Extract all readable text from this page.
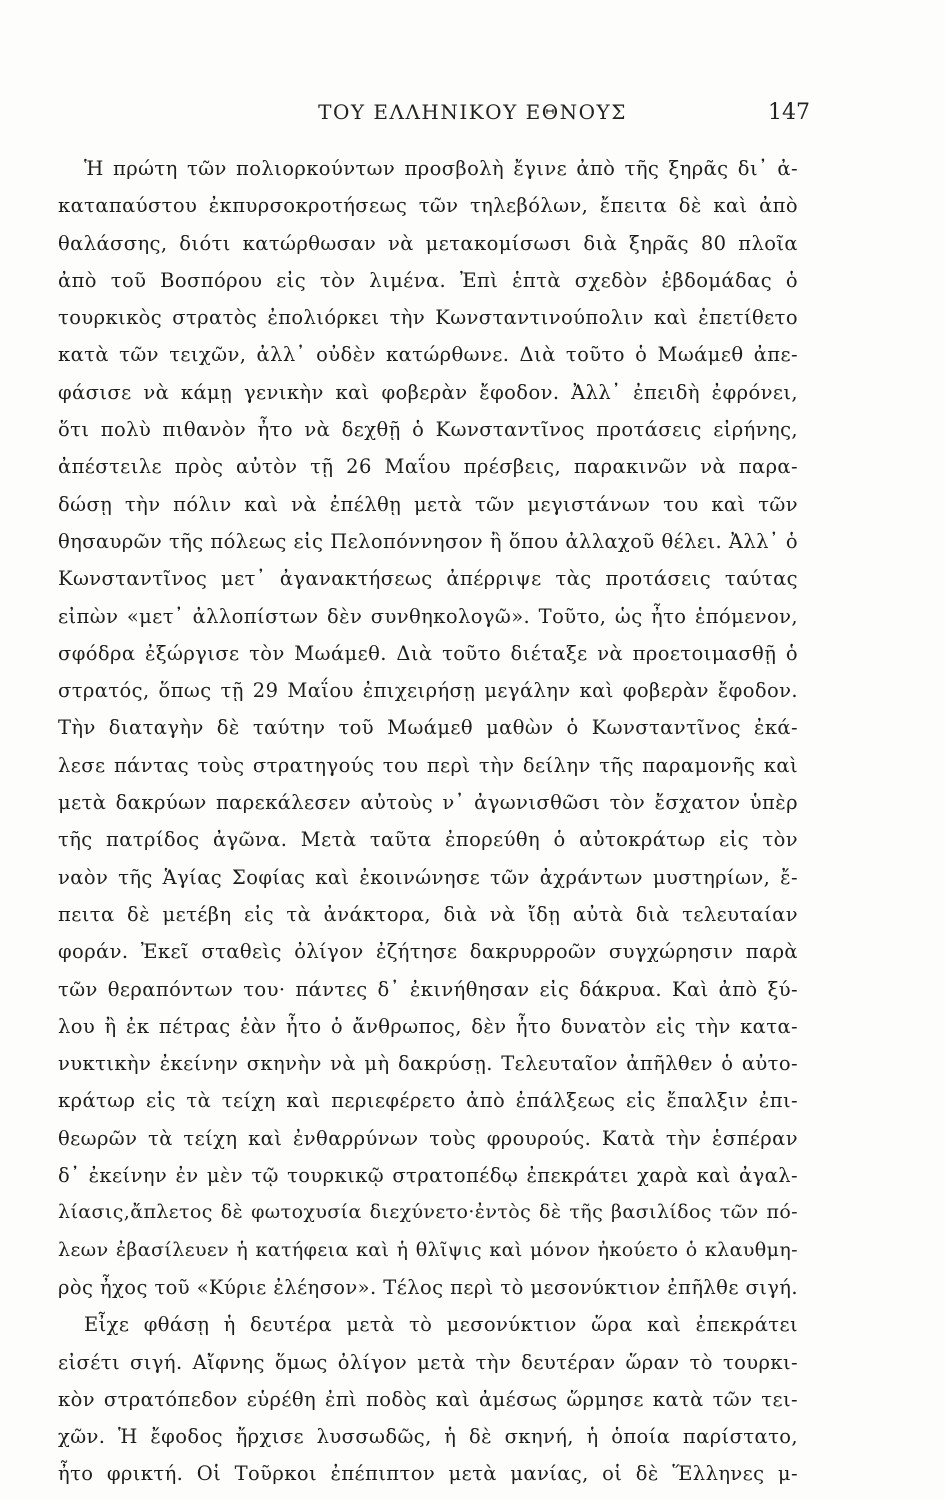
ΤΟΥ ΕΛΛΗΝΙΚΟΥ ΕΘΝΟΥΣ	147
Ἡ πρώτη τῶν πολιορκούντων προσβολὴ ἔγινε ἀπὸ τῆς ξηρᾶς δι᾿ ἀ-
καταπαύστου ἐκπυρσοκροτήσεως τῶν τηλεβόλων, ἔπειτα δὲ καὶ ἀπὸ
θαλάσσης, διότι κατώρθωσαν νὰ μετακομίσωσι διὰ ξηρᾶς 80 πλοῖα
ἀπὸ τοῦ Βοσπόρου εἰς τὸν λιμένα. Ἐπὶ ἑπτὰ σχεδὸν ἑβδομάδας ὁ
τουρκικὸς στρατὸς ἐπολιόρκει τὴν Κωνσταντινούπολιν καὶ ἐπετίθετο
κατὰ τῶν τειχῶν, ἀλλ᾿ οὐδὲν κατώρθωνε. Διὰ τοῦτο ὁ Μωάμεθ ἀπε-
φάσισε νὰ κάμῃ γενικὴν καὶ φοβερὰν ἔφοδον. Ἀλλ᾿ ἐπειδὴ ἐφρόνει,
ὅτι πολὺ πιθανὸν ἦτο νὰ δεχθῇ ὁ Κωνσταντῖνος προτάσεις εἰρήνης,
ἀπέστειλε πρὸς αὐτὸν τῇ 26 Μαΐου πρέσβεις, παρακινῶν νὰ παρα-
δώσῃ τὴν πόλιν καὶ νὰ ἐπέλθῃ μετὰ τῶν μεγιστάνων του καὶ τῶν
θησαυρῶν τῆς πόλεως εἰς Πελοπόννησον ἢ ὅπου ἀλλαχοῦ θέλει. Ἀλλ᾿ ὁ
Κωνσταντῖνος μετ᾿ ἀγανακτήσεως ἀπέρριψε τὰς προτάσεις ταύτας
εἰπὼν «μετ᾿ ἀλλοπίστων δὲν συνθηκολογῶ». Τοῦτο, ὡς ἦτο ἑπόμενον,
σφόδρα ἐξώργισε τὸν Μωάμεθ. Διὰ τοῦτο διέταξε νὰ προετοιμασθῇ ὁ
στρατός, ὅπως τῇ 29 Μαΐου ἐπιχειρήσῃ μεγάλην καὶ φοβερὰν ἔφοδον.
Τὴν διαταγὴν δὲ ταύτην τοῦ Μωάμεθ μαθὼν ὁ Κωνσταντῖνος ἐκά-
λεσε πάντας τοὺς στρατηγούς του περὶ τὴν δείλην τῆς παραμονῆς καὶ
μετὰ δακρύων παρεκάλεσεν αὐτοὺς ν᾿ ἀγωνισθῶσι τὸν ἔσχατον ὑπὲρ
τῆς πατρίδος ἀγῶνα. Μετὰ ταῦτα ἐπορεύθη ὁ αὐτοκράτωρ εἰς τὸν
ναὸν τῆς Ἁγίας Σοφίας καὶ ἐκοινώνησε τῶν ἀχράντων μυστηρίων, ἔ-
πειτα δὲ μετέβη εἰς τὰ ἀνάκτορα, διὰ νὰ ἴδῃ αὐτὰ διὰ τελευταίαν
φοράν. Ἐκεῖ σταθεὶς ὀλίγον ἐζήτησε δακρυρροῶν συγχώρησιν παρὰ
τῶν θεραπόντων του· πάντες δ᾿ ἐκινήθησαν εἰς δάκρυα. Καὶ ἀπὸ ξύ-
λου ἢ ἐκ πέτρας ἐὰν ἦτο ὁ ἄνθρωπος, δὲν ἦτο δυνατὸν εἰς τὴν κατα-
νυκτικὴν ἐκείνην σκηνὴν νὰ μὴ δακρύσῃ. Τελευταῖον ἀπῆλθεν ὁ αὐτο-
κράτωρ εἰς τὰ τείχη καὶ περιεφέρετο ἀπὸ ἐπάλξεως εἰς ἔπαλξιν ἐπι-
θεωρῶν τὰ τείχη καὶ ἐνθαρρύνων τοὺς φρουρούς. Κατὰ τὴν ἑσπέραν
δ᾿ ἐκείνην ἐν μὲν τῷ τουρκικῷ στρατοπέδῳ ἐπεκράτει χαρὰ καὶ ἀγαλ-
λίασις,ἄπλετος δὲ φωτοχυσία διεχύνετο·ἐντὸς δὲ τῆς βασιλίδος τῶν πό-
λεων ἐβασίλευεν ἡ κατήφεια καὶ ἡ θλῖψις καὶ μόνον ἠκούετο ὁ κλαυθμη-
ρὸς ἦχος τοῦ «Κύριε ἐλέησον». Τέλος περὶ τὸ μεσονύκτιον ἐπῆλθε σιγή.
Εἶχε φθάσῃ ἡ δευτέρα μετὰ τὸ μεσονύκτιον ὥρα καὶ ἐπεκράτει
εἰσέτι σιγή. Αἴφνης ὅμως ὀλίγον μετὰ τὴν δευτέραν ὥραν τὸ τουρκι-
κὸν στρατόπεδον εὑρέθη ἐπὶ ποδὸς καὶ ἀμέσως ὥρμησε κατὰ τῶν τει-
χῶν. Ἡ ἔφοδος ἤρχισε λυσσωδῶς, ἡ δὲ σκηνή, ἡ ὁποία παρίστατο,
ἦτο φρικτή. Οἱ Τοῦρκοι ἐπέπιπτον μετὰ μανίας, οἱ δὲ Ἕλληνες μ-
